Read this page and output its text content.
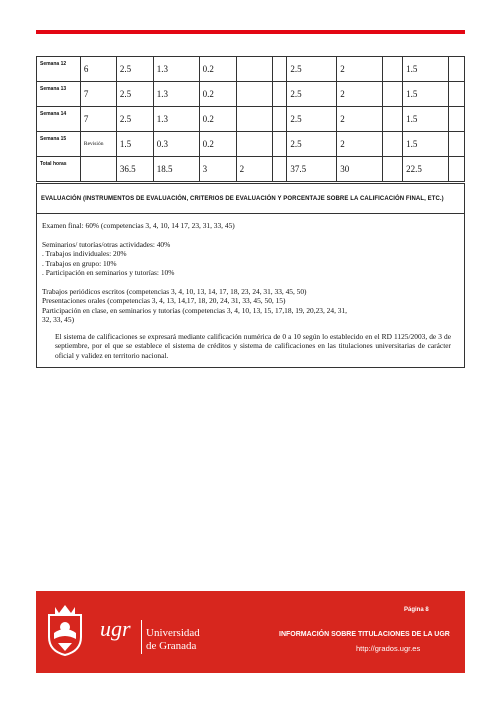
Semana 12	6	2.5	1.3	0.2			2.5	2		1.5	
Semana 13	7	2.5	1.3	0.2			2.5	2		1.5	
Semana 14	7	2.5	1.3	0.2			2.5	2		1.5	
Semana 15	Revisión	1.5	0.3	0.2			2.5	2		1.5	
Total horas		36.5	18.5	3	2		37.5	30		22.5	
EVALUACIÓN (INSTRUMENTOS DE EVALUACIÓN, CRITERIOS DE EVALUACIÓN Y PORCENTAJE SOBRE LA CALIFICACIÓN FINAL, ETC.)
Examen final: 60% (competencias 3, 4, 10, 14 17, 23, 31, 33, 45)
Seminarios/ tutorías/otras actividades: 40%
. Trabajos individuales: 20%
. Trabajos en grupo: 10%
. Participación en seminarios y tutorías: 10%
Trabajos periódicos escritos (competencias 3, 4, 10, 13, 14, 17, 18, 23, 24, 31, 33, 45, 50)
Presentaciones orales (competencias 3, 4, 13, 14,17, 18, 20, 24, 31, 33, 45, 50, 15)
Participación en clase, en seminarios y tutorías (competencias 3, 4, 10, 13, 15, 17,18, 19, 20,23, 24, 31,
32, 33, 45)
El sistema de calificaciones se expresará mediante calificación numérica de 0 a 10 según lo establecido en el RD 1125/2003, de 3 de septiembre, por el que se establece el sistema de créditos y sistema de calificaciones en las titulaciones universitarias de carácter oficial y validez en territorio nacional.
ugr Universidad
de Granada
Página 8
INFORMACIÓN SOBRE TITULACIONES DE LA UGR
http://grados.ugr.es
